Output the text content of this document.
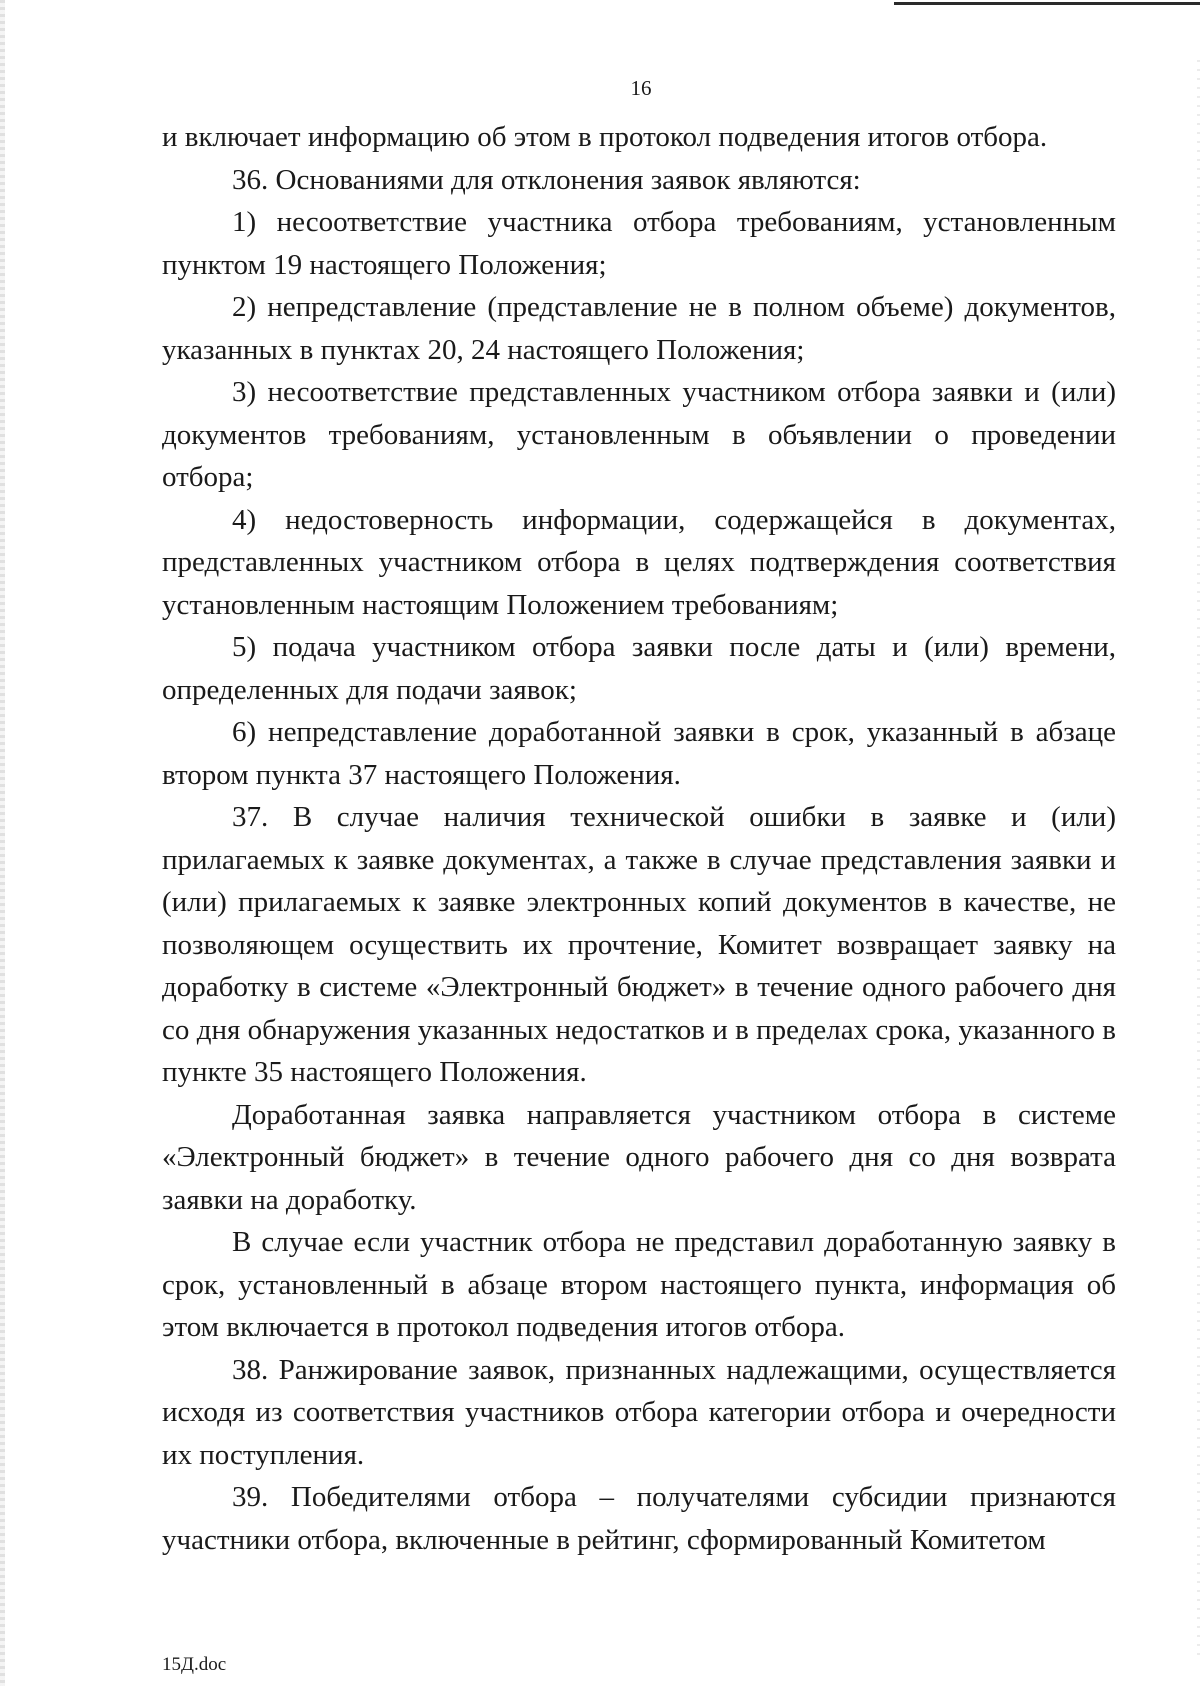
16

и включает информацию об этом в протокол подведения итогов отбора.

36. Основаниями для отклонения заявок являются:

1) несоответствие участника отбора требованиям, установленным пунктом 19 настоящего Положения;

2) непредставление (представление не в полном объеме) документов, указанных в пунктах 20, 24 настоящего Положения;

3) несоответствие представленных участником отбора заявки и (или) документов требованиям, установленным в объявлении о проведении отбора;

4) недостоверность информации, содержащейся в документах, представленных участником отбора в целях подтверждения соответствия установленным настоящим Положением требованиям;

5) подача участником отбора заявки после даты и (или) времени, определенных для подачи заявок;

6) непредставление доработанной заявки в срок, указанный в абзаце втором пункта 37 настоящего Положения.

37. В случае наличия технической ошибки в заявке и (или) прилагаемых к заявке документах, а также в случае представления заявки и (или) прилагаемых к заявке электронных копий документов в качестве, не позволяющем осуществить их прочтение, Комитет возвращает заявку на доработку в системе «Электронный бюджет» в течение одного рабочего дня со дня обнаружения указанных недостатков и в пределах срока, указанного в пункте 35 настоящего Положения.

Доработанная заявка направляется участником отбора в системе «Электронный бюджет» в течение одного рабочего дня со дня возврата заявки на доработку.

В случае если участник отбора не представил доработанную заявку в срок, установленный в абзаце втором настоящего пункта, информация об этом включается в протокол подведения итогов отбора.

38. Ранжирование заявок, признанных надлежащими, осуществляется исходя из соответствия участников отбора категории отбора и очередности их поступления.

39. Победителями отбора – получателями субсидии признаются участники отбора, включенные в рейтинг, сформированный Комитетом

15Д.doc
